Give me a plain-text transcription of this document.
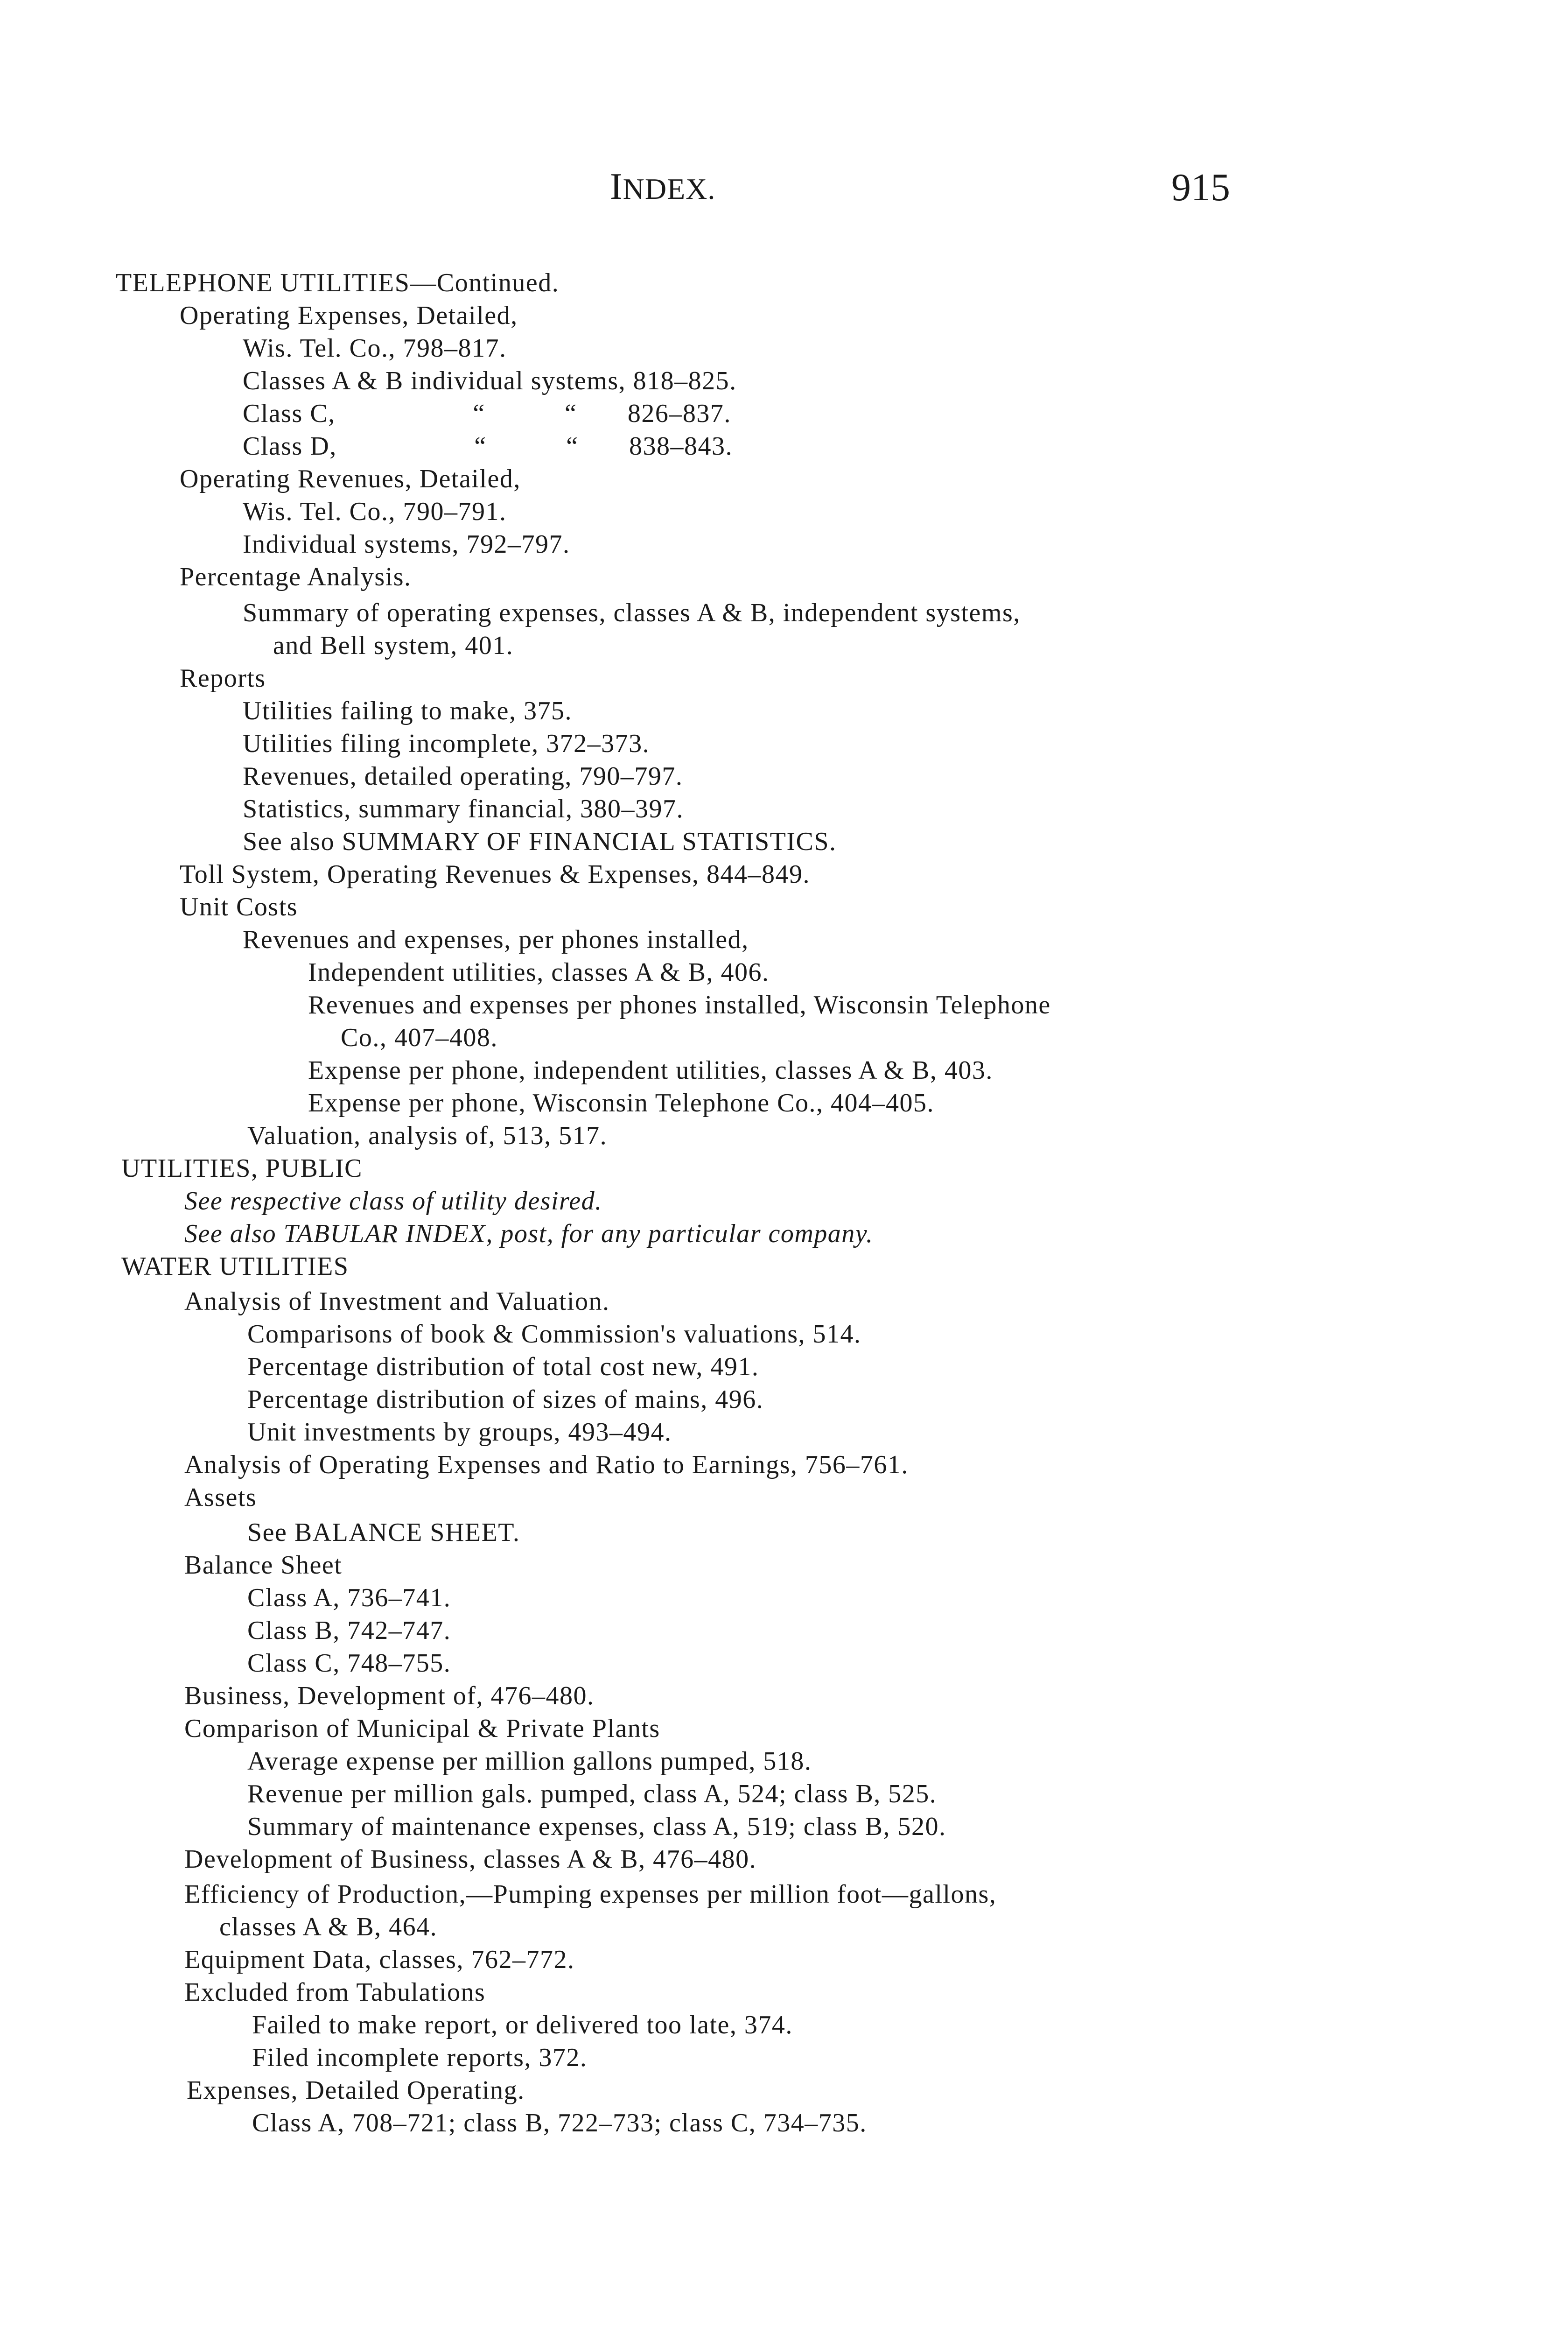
INDEX.	915
TELEPHONE UTILITIES—Continued.
Operating Expenses, Detailed,
Wis. Tel. Co., 798–817.
Classes A & B individual systems, 818–825.
Class C,                   “           “       826–837.
Class D,                   “           “       838–843.
Operating Revenues, Detailed,
Wis. Tel. Co., 790–791.
Individual systems, 792–797.
Percentage Analysis.
Summary of operating expenses, classes A & B, independent systems,
and Bell system, 401.
Reports
Utilities failing to make, 375.
Utilities filing incomplete, 372–373.
Revenues, detailed operating, 790–797.
Statistics, summary financial, 380–397.
See also SUMMARY OF FINANCIAL STATISTICS.
Toll System, Operating Revenues & Expenses, 844–849.
Unit Costs
Revenues and expenses, per phones installed,
Independent utilities, classes A & B, 406.
Revenues and expenses per phones installed, Wisconsin Telephone
Co., 407–408.
Expense per phone, independent utilities, classes A & B, 403.
Expense per phone, Wisconsin Telephone Co., 404–405.
Valuation, analysis of, 513, 517.
UTILITIES, PUBLIC
See respective class of utility desired.
See also TABULAR INDEX, post, for any particular company.
WATER UTILITIES
Analysis of Investment and Valuation.
Comparisons of book & Commission's valuations, 514.
Percentage distribution of total cost new, 491.
Percentage distribution of sizes of mains, 496.
Unit investments by groups, 493–494.
Analysis of Operating Expenses and Ratio to Earnings, 756–761.
Assets
See BALANCE SHEET.
Balance Sheet
Class A, 736–741.
Class B, 742–747.
Class C, 748–755.
Business, Development of, 476–480.
Comparison of Municipal & Private Plants
Average expense per million gallons pumped, 518.
Revenue per million gals. pumped, class A, 524; class B, 525.
Summary of maintenance expenses, class A, 519; class B, 520.
Development of Business, classes A & B, 476–480.
Efficiency of Production,—Pumping expenses per million foot—gallons,
classes A & B, 464.
Equipment Data, classes, 762–772.
Excluded from Tabulations
Failed to make report, or delivered too late, 374.
Filed incomplete reports, 372.
Expenses, Detailed Operating.
Class A, 708–721; class B, 722–733; class C, 734–735.
